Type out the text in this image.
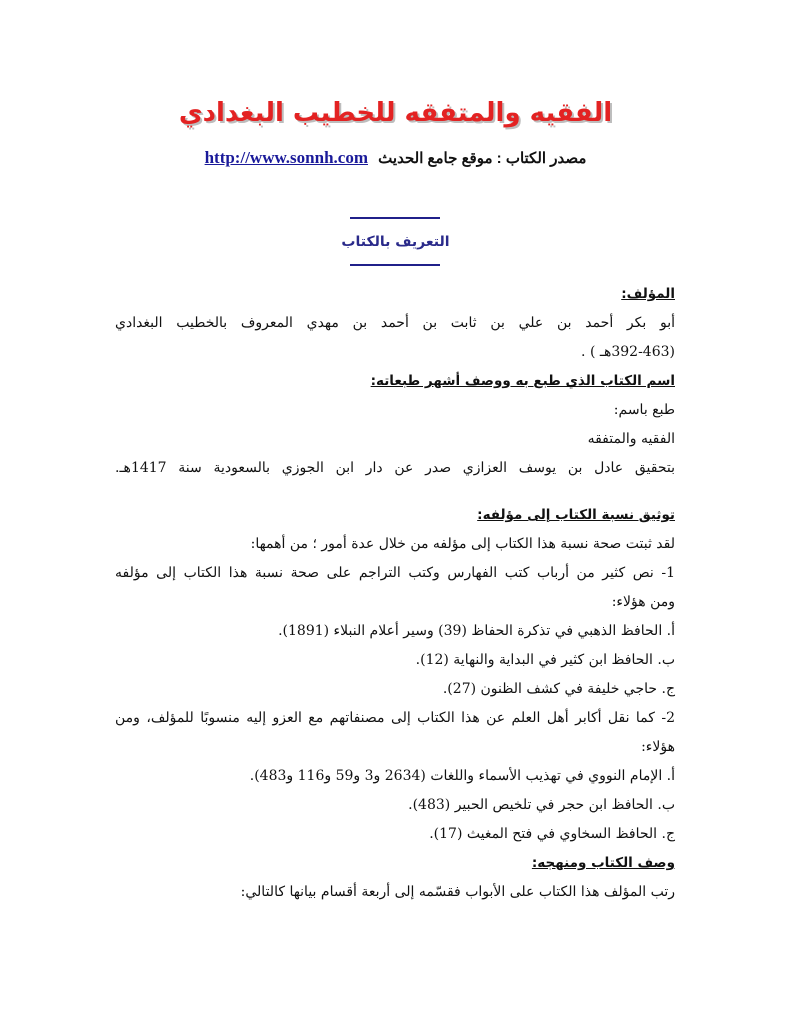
الفقيه والمتفقه للخطيب البغدادي
مصدر الكتاب : موقع جامع الحديث http://www.sonnh.com
التعريف بالكتاب
المؤلف:
أبو بكر أحمد بن علي بن ثابت بن أحمد بن مهدي المعروف بالخطيب البغدادي
(392-463هـ ) .
اسم الكتاب الذي طبع به ووصف أشهر طبعاته:
طبع باسم:
الفقيه والمتفقه
بتحقيق عادل بن يوسف العزازي صدر عن دار ابن الجوزي بالسعودية سنة 1417هـ.
توثيق نسبة الكتاب إلى مؤلفه:
لقد ثبتت صحة نسبة هذا الكتاب إلى مؤلفه من خلال عدة أمور ؛ من أهمها:
1- نص كثير من أرباب كتب الفهارس وكتب التراجم على صحة نسبة هذا الكتاب إلى مؤلفه
ومن هؤلاء:
أ. الحافظ الذهبي في تذكرة الحفاظ (39) وسير أعلام النبلاء (1891).
ب. الحافظ ابن كثير في البداية والنهاية (12).
ج. حاجي خليفة في كشف الظنون (27).
2- كما نقل أكابر أهل العلم عن هذا الكتاب إلى مصنفاتهم مع العزو إليه منسوبًا للمؤلف، ومن
هؤلاء:
أ. الإمام النووي في تهذيب الأسماء واللغات (2634 و3 و59 و116 و483).
ب. الحافظ ابن حجر في تلخيص الحبير (483).
ج. الحافظ السخاوي في فتح المغيث (17).
وصف الكتاب ومنهجه:
رتب المؤلف هذا الكتاب على الأبواب فقسّمه إلى أربعة أقسام بيانها كالتالي:
